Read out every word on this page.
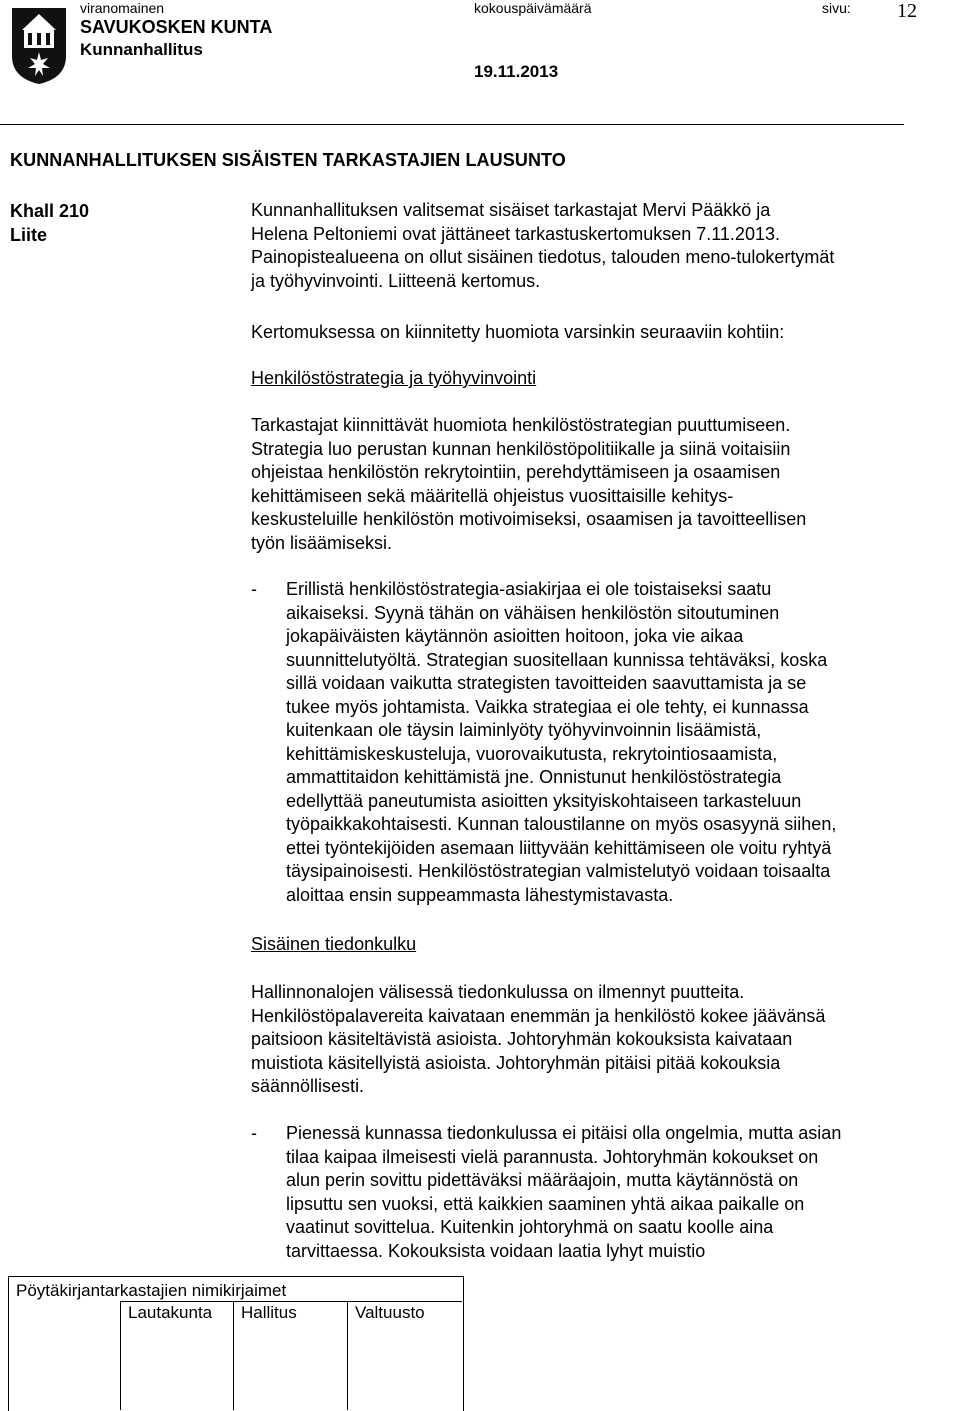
viranomainen	kokouspäivämäärä	sivu: 12
SAVUKOSKEN KUNTA
Kunnanhallitus
19.11.2013
KUNNANHALLITUKSEN SISÄISTEN TARKASTAJIEN LAUSUNTO
Khall 210
Liite
Kunnanhallituksen valitsemat sisäiset tarkastajat Mervi Pääkkö ja
Helena Peltoniemi ovat jättäneet tarkastuskertomuksen 7.11.2013.
Painopistealueena on ollut sisäinen tiedotus, talouden meno-tulokertymät
ja työhyvinvointi. Liitteenä kertomus.
Kertomuksessa on kiinnitetty huomiota varsinkin seuraaviin kohtiin:
Henkilöstöstrategia ja työhyvinvointi
Tarkastajat kiinnittävät huomiota henkilöstöstrategian puuttumiseen.
Strategia luo perustan kunnan henkilöstöpolitiikalle ja siinä voitaisiin
ohjeistaa henkilöstön rekrytointiin, perehdyttämiseen ja osaamisen
kehittämiseen sekä määritellä ohjeistus vuosittaisille kehitys-
keskusteluille henkilöstön motivoimiseksi, osaamisen ja tavoitteellisen
työn lisäämiseksi.
- Erillistä henkilöstöstrategia-asiakirjaa ei ole toistaiseksi saatu
aikaiseksi. Syynä tähän on vähäisen henkilöstön sitoutuminen
jokapäiväisten käytännön asioitten hoitoon, joka vie aikaa
suunnittelutyöltä. Strategian suositellaan kunnissa tehtäväksi, koska
sillä voidaan vaikutta strategisten tavoitteiden saavuttamista ja se
tukee myös johtamista. Vaikka strategiaa ei ole tehty, ei kunnassa
kuitenkaan ole täysin laiminlyöty työhyvinvoinnin lisäämistä,
kehittämiskeskusteluja, vuorovaikutusta, rekrytointiosaamista,
ammattitaidon kehittämistä jne. Onnistunut henkilöstöstrategia
edellyttää paneutumista asioitten yksityiskohtaiseen tarkasteluun
työpaikkakohtaisesti. Kunnan taloustilanne on myös osasyynä siihen,
ettei työntekijöiden asemaan liittyvään kehittämiseen ole voitu ryhtyä
täysipainoisesti. Henkilöstöstrategian valmistelutyö voidaan toisaalta
aloittaa ensin suppeammasta lähestymistavasta.
Sisäinen tiedonkulku
Hallinnonalojen välisessä tiedonkulussa on ilmennyt puutteita.
Henkilöstöpalavereita kaivataan enemmän ja henkilöstö kokee jäävänsä
paitsioon käsiteltävistä asioista. Johtoryhmän kokouksista kaivataan
muistiota käsitellyistä asioista. Johtoryhmän pitäisi pitää kokouksia
säännöllisesti.
- Pienessä kunnassa tiedonkulussa ei pitäisi olla ongelmia, mutta asian
tilaa kaipaa ilmeisesti vielä parannusta. Johtoryhmän kokoukset on
alun perin sovittu pidettäväksi määräajoin, mutta käytännöstä on
lipsuttu sen vuoksi, että kaikkien saaminen yhtä aikaa paikalle on
vaatinut sovittelua. Kuitenkin johtoryhmä on saatu koolle aina
tarvittaessa. Kokouksista voidaan laatia lyhyt muistio
Pöytäkirjantarkastajien nimikirjaimet
Lautakunta Hallitus	Valtuusto
